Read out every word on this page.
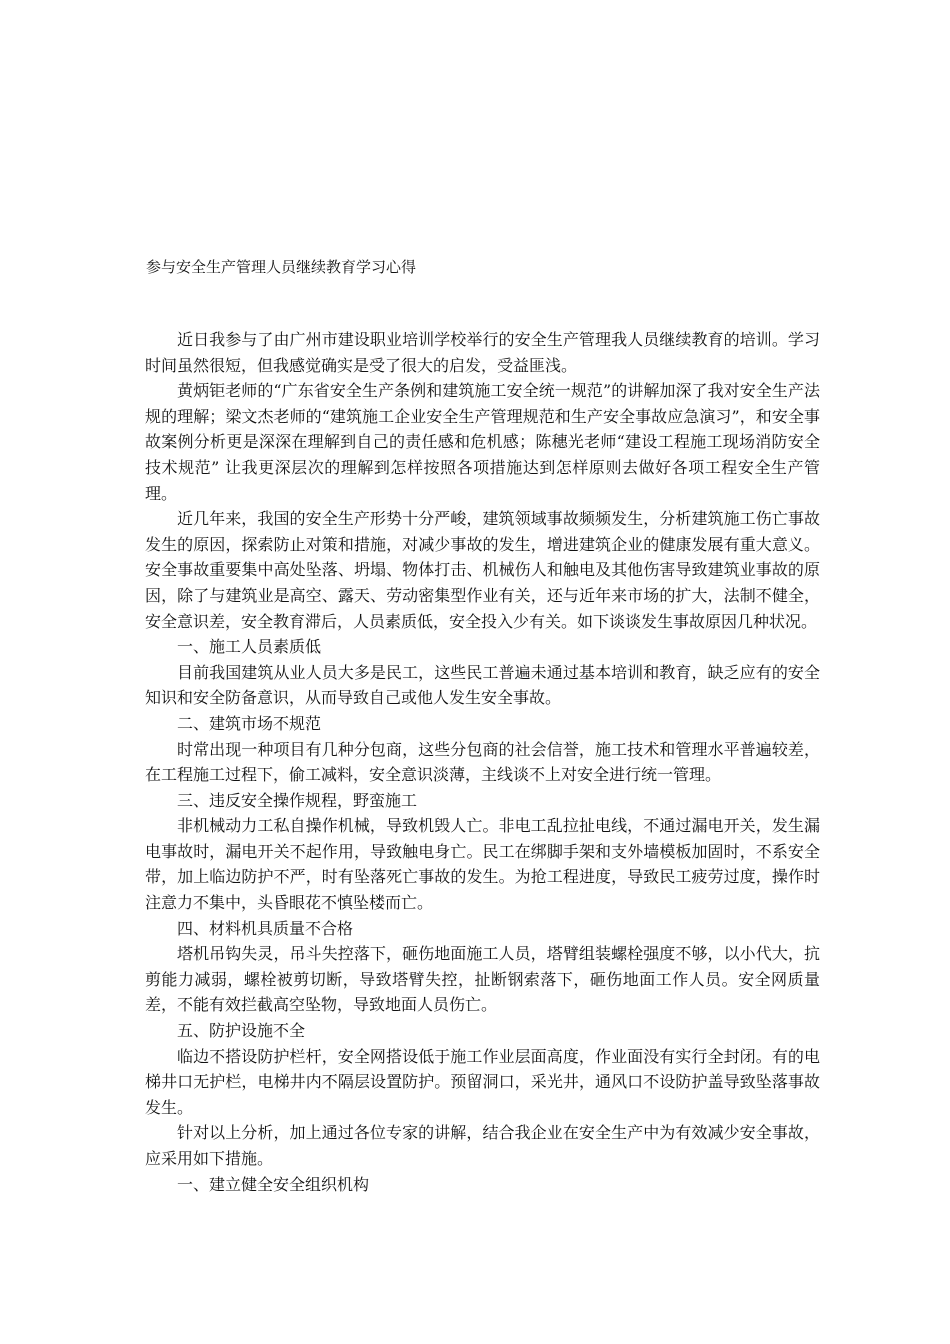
参与安全生产管理人员继续教育学习心得

近日我参与了由广州市建设职业培训学校举行的安全生产管理我人员继续教育的培训。学习时间虽然很短，但我感觉确实是受了很大的启发，受益匪浅。

黄炳钜老师的“广东省安全生产条例和建筑施工安全统一规范”的讲解加深了我对安全生产法规的理解；梁文杰老师的“建筑施工企业安全生产管理规范和生产安全事故应急演习”，和安全事故案例分析更是深深在理解到自己的责任感和危机感；陈穗光老师“建设工程施工现场消防安全技术规范” 让我更深层次的理解到怎样按照各项措施达到怎样原则去做好各项工程安全生产管理。

近几年来，我国的安全生产形势十分严峻，建筑领域事故频频发生，分析建筑施工伤亡事故发生的原因，探索防止对策和措施，对减少事故的发生，增进建筑企业的健康发展有重大意义。安全事故重要集中高处坠落、坍塌、物体打击、机械伤人和触电及其他伤害导致建筑业事故的原因，除了与建筑业是高空、露天、劳动密集型作业有关，还与近年来市场的扩大，法制不健全，安全意识差，安全教育滞后，人员素质低，安全投入少有关。如下谈谈发生事故原因几种状况。

一、施工人员素质低

目前我国建筑从业人员大多是民工，这些民工普遍未通过基本培训和教育，缺乏应有的安全知识和安全防备意识，从而导致自己或他人发生安全事故。

二、建筑市场不规范

时常出现一种项目有几种分包商，这些分包商的社会信誉，施工技术和管理水平普遍较差，在工程施工过程下，偷工减料，安全意识淡薄，主线谈不上对安全进行统一管理。

三、违反安全操作规程，野蛮施工

非机械动力工私自操作机械，导致机毁人亡。非电工乱拉扯电线，不通过漏电开关，发生漏电事故时，漏电开关不起作用，导致触电身亡。民工在绑脚手架和支外墙模板加固时，不系安全带，加上临边防护不严，时有坠落死亡事故的发生。为抢工程进度，导致民工疲劳过度，操作时注意力不集中，头昏眼花不慎坠楼而亡。

四、材料机具质量不合格

塔机吊钩失灵，吊斗失控落下，砸伤地面施工人员，塔臂组装螺栓强度不够，以小代大，抗剪能力减弱，螺栓被剪切断，导致塔臂失控，扯断钢索落下，砸伤地面工作人员。安全网质量差，不能有效拦截高空坠物，导致地面人员伤亡。

五、防护设施不全

临边不搭设防护栏杆，安全网搭设低于施工作业层面高度，作业面没有实行全封闭。有的电梯井口无护栏，电梯井内不隔层设置防护。预留洞口，采光井，通风口不设防护盖导致坠落事故发生。

针对以上分析，加上通过各位专家的讲解，结合我企业在安全生产中为有效减少安全事故，应采用如下措施。

一、建立健全安全组织机构
